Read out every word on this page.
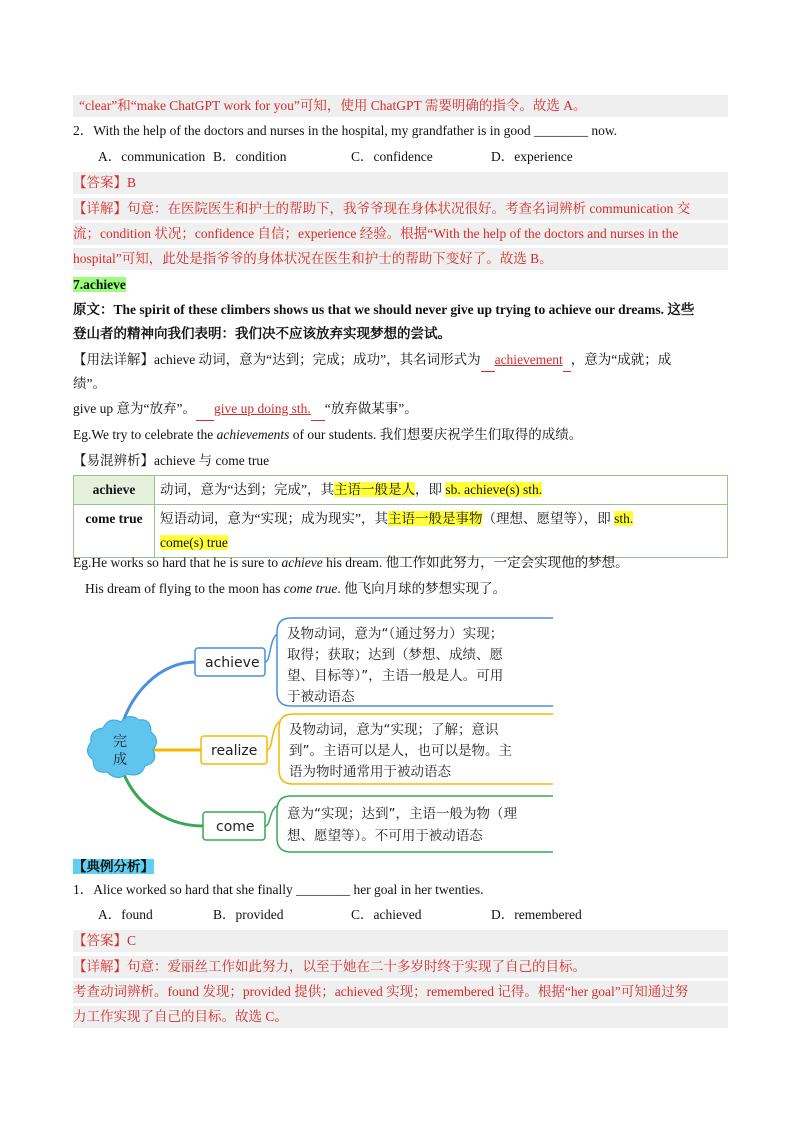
“clear”和“make ChatGPT work for you”可知，使用 ChatGPT 需要明确的指令。故选 A。
2．With the help of the doctors and nurses in the hospital, my grandfather is in good ________ now.
A．communication B．condition	C．confidence	D．experience
【答案】B
【详解】句意：在医院医生和护士的帮助下，我爷爷现在身体状况很好。考查名词辨析 communication 交
流；condition 状况；confidence 自信；experience 经验。根据“With the help of the doctors and nurses in the
hospital”可知，此处是指爷爷的身体状况在医生和护士的帮助下变好了。故选 B。
7.achieve
原文：The spirit of these climbers shows us that we should never give up trying to achieve our dreams. 这些
登山者的精神向我们表明：我们决不应该放弃实现梦想的尝试。
【用法详解】achieve 动词，意为“达到；完成；成功”，其名词形式为 achievement ，意为“成就；成
绩”。
give up 意为“放弃”。 give up doing sth. “放弃做某事”。
Eg.We try to celebrate the achievements of our students. 我们想要庆祝学生们取得的成绩。
【易混辨析】achieve 与 come true
achieve	动词，意为“达到；完成”，其主语一般是人，即 sb. achieve(s) sth.
come true	短语动词，意为“实现；成为现实”，其主语一般是事物（理想、愿望等），即 sth.
come(s) true
Eg.He works so hard that he is sure to achieve his dream. 他工作如此努力，一定会实现他的梦想。
His dream of flying to the moon has come true. 他飞向月球的梦想实现了。
完
成
achieve
realize
come
及物动词，意为“（通过努力）实现； 取得；获取；达到（梦想、成绩、愿 望、目标等）”，主语一般是人。可用 于被动语态
及物动词，意为“实现；了解；意识 到”。主语可以是人，也可以是物。主 语为物时通常用于被动语态
意为“实现；达到”，主语一般为物（理 想、愿望等）。不可用于被动语态
【典例分析】
1．Alice worked so hard that she finally ________ her goal in her twenties.
A．found	B．provided	C．achieved	D．remembered
【答案】C
【详解】句意：爱丽丝工作如此努力，以至于她在二十多岁时终于实现了自己的目标。
考查动词辨析。found 发现；provided 提供；achieved 实现；remembered 记得。根据“her goal”可知通过努
力工作实现了自己的目标。故选 C。
